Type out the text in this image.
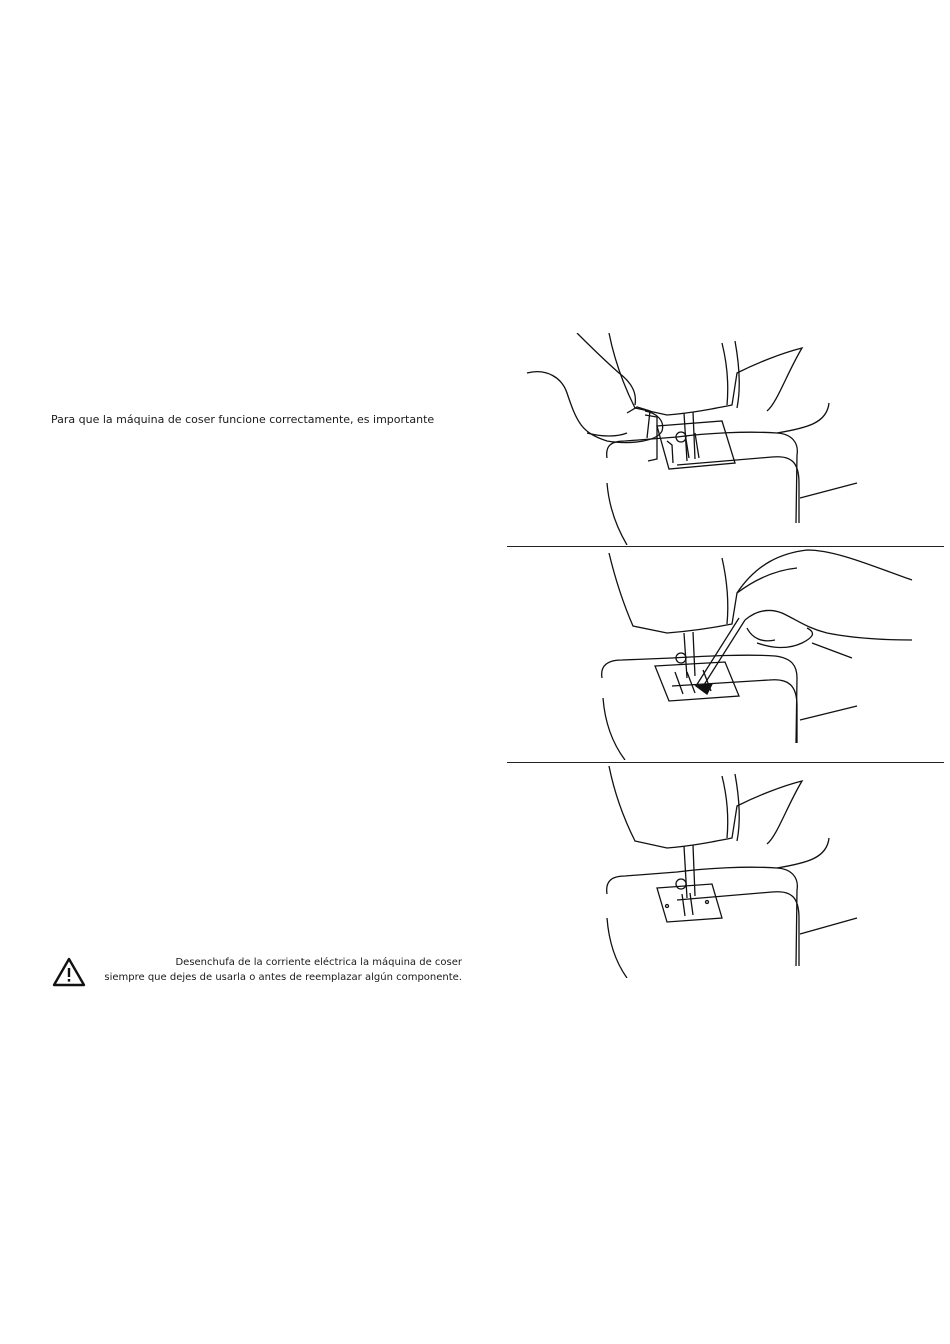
Para que la máquina de coser funcione correctamente, es importante

Desenchufa de la corriente eléctrica la máquina de coser
siempre que dejes de usarla o antes de reemplazar algún componente.
